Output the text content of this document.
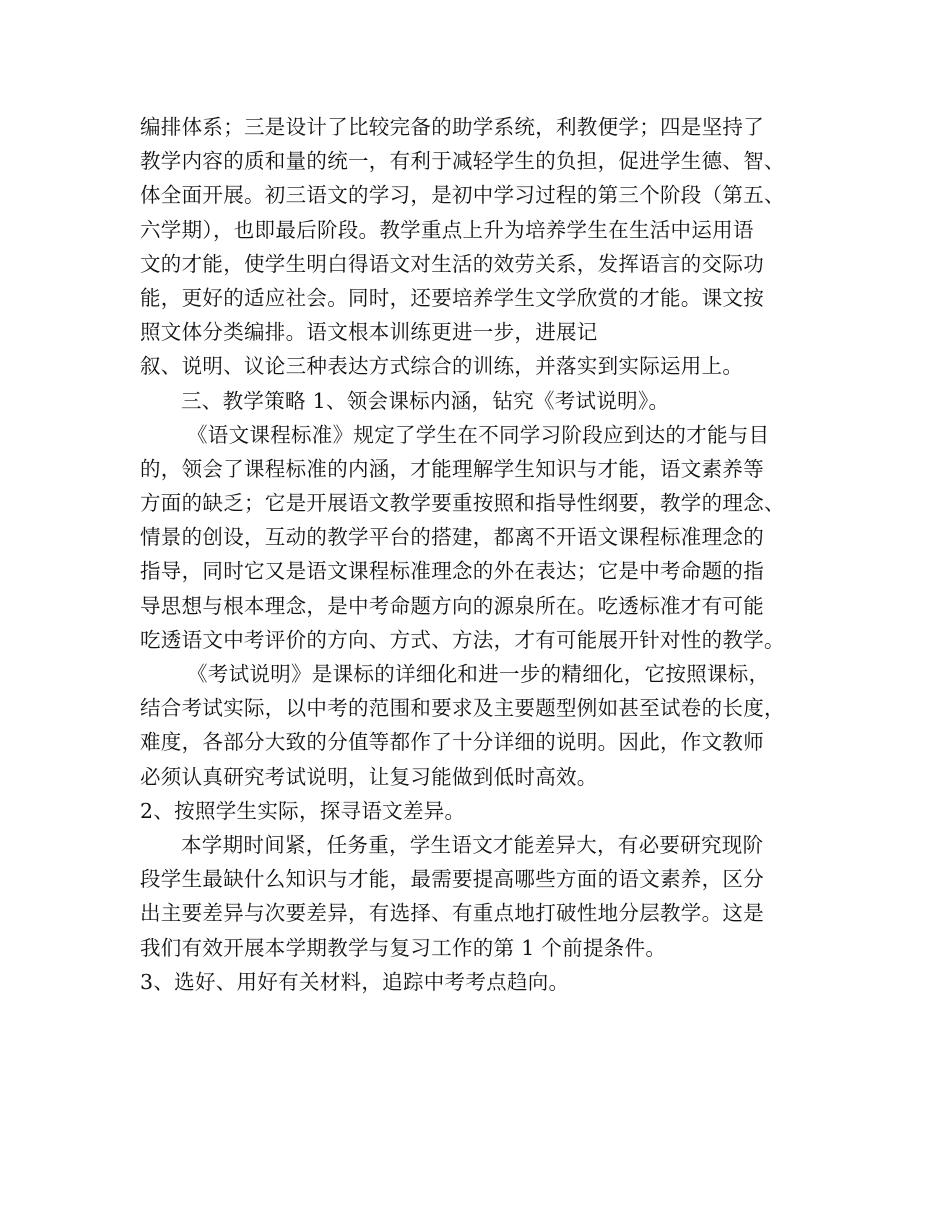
编排体系；三是设计了比较完备的助学系统，利教便学；四是坚持了
教学内容的质和量的统一，有利于减轻学生的负担，促进学生德、智、
体全面开展。初三语文的学习，是初中学习过程的第三个阶段（第五、
六学期），也即最后阶段。教学重点上升为培养学生在生活中运用语
文的才能，使学生明白得语文对生活的效劳关系，发挥语言的交际功
能，更好的适应社会。同时，还要培养学生文学欣赏的才能。课文按
照文体分类编排。语文根本训练更进一步，进展记
叙、说明、议论三种表达方式综合的训练，并落实到实际运用上。
三、教学策略 1、领会课标内涵，钻究《考试说明》。
《语文课程标准》规定了学生在不同学习阶段应到达的才能与目
的，领会了课程标准的内涵，才能理解学生知识与才能，语文素养等
方面的缺乏；它是开展语文教学要重按照和指导性纲要，教学的理念、
情景的创设，互动的教学平台的搭建，都离不开语文课程标准理念的
指导，同时它又是语文课程标准理念的外在表达；它是中考命题的指
导思想与根本理念，是中考命题方向的源泉所在。吃透标准才有可能
吃透语文中考评价的方向、方式、方法，才有可能展开针对性的教学。
《考试说明》是课标的详细化和进一步的精细化，它按照课标，
结合考试实际，以中考的范围和要求及主要题型例如甚至试卷的长度，
难度，各部分大致的分值等都作了十分详细的说明。因此，作文教师
必须认真研究考试说明，让复习能做到低时高效。
2、按照学生实际，探寻语文差异。
本学期时间紧，任务重，学生语文才能差异大，有必要研究现阶
段学生最缺什么知识与才能，最需要提高哪些方面的语文素养，区分
出主要差异与次要差异，有选择、有重点地打破性地分层教学。这是
我们有效开展本学期教学与复习工作的第 1 个前提条件。
3、选好、用好有关材料，追踪中考考点趋向。
